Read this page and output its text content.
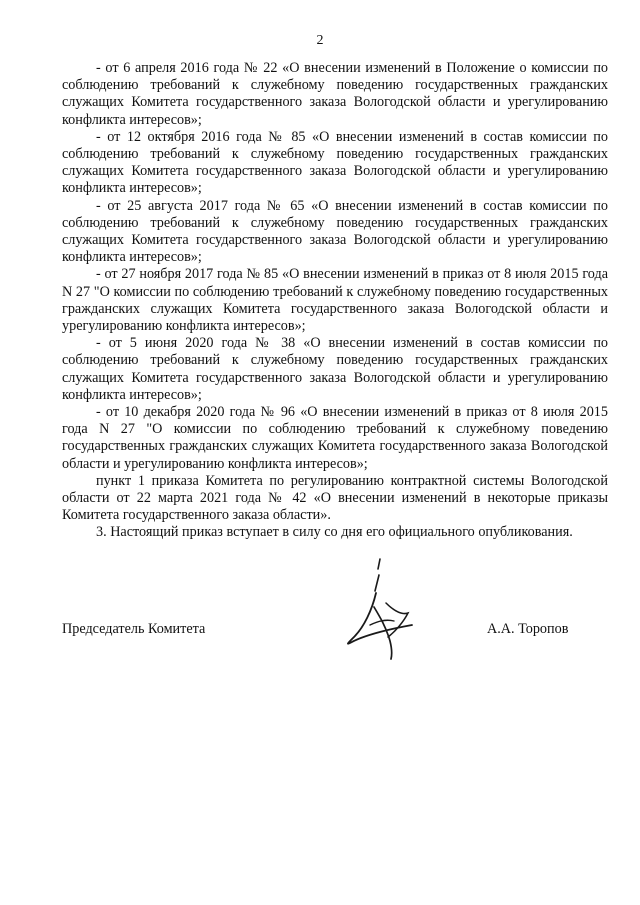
2

- от 6 апреля 2016 года № 22 «О внесении изменений в Положение о комиссии по соблюдению требований к служебному поведению государственных гражданских служащих Комитета государственного заказа Вологодской области и урегулированию конфликта интересов»;

- от 12 октября 2016 года № 85 «О внесении изменений в состав комиссии по соблюдению требований к служебному поведению государственных гражданских служащих Комитета государственного заказа Вологодской области и урегулированию конфликта интересов»;

- от 25 августа 2017 года № 65 «О внесении изменений в состав комиссии по соблюдению требований к служебному поведению государственных гражданских служащих Комитета государственного заказа Вологодской области и урегулированию конфликта интересов»;

- от 27 ноября 2017 года № 85 «О внесении изменений в приказ от 8 июля 2015 года N 27 "О комиссии по соблюдению требований к служебному поведению государственных гражданских служащих Комитета государственного заказа Вологодской области и урегулированию конфликта интересов»;

- от 5 июня 2020 года № 38 «О внесении изменений в состав комиссии по соблюдению требований к служебному поведению государственных гражданских служащих Комитета государственного заказа Вологодской области и урегулированию конфликта интересов»;

- от 10 декабря 2020 года № 96 «О внесении изменений в приказ от 8 июля 2015 года N 27 "О комиссии по соблюдению требований к служебному поведению государственных гражданских служащих Комитета государственного заказа Вологодской области и урегулированию конфликта интересов»;

пункт 1 приказа Комитета по регулированию контрактной системы Вологодской области от 22 марта 2021 года № 42 «О внесении изменений в некоторые приказы Комитета государственного заказа области».

3. Настоящий приказ вступает в силу со дня его официального опубликования.

Председатель Комитета	А.А. Торопов
